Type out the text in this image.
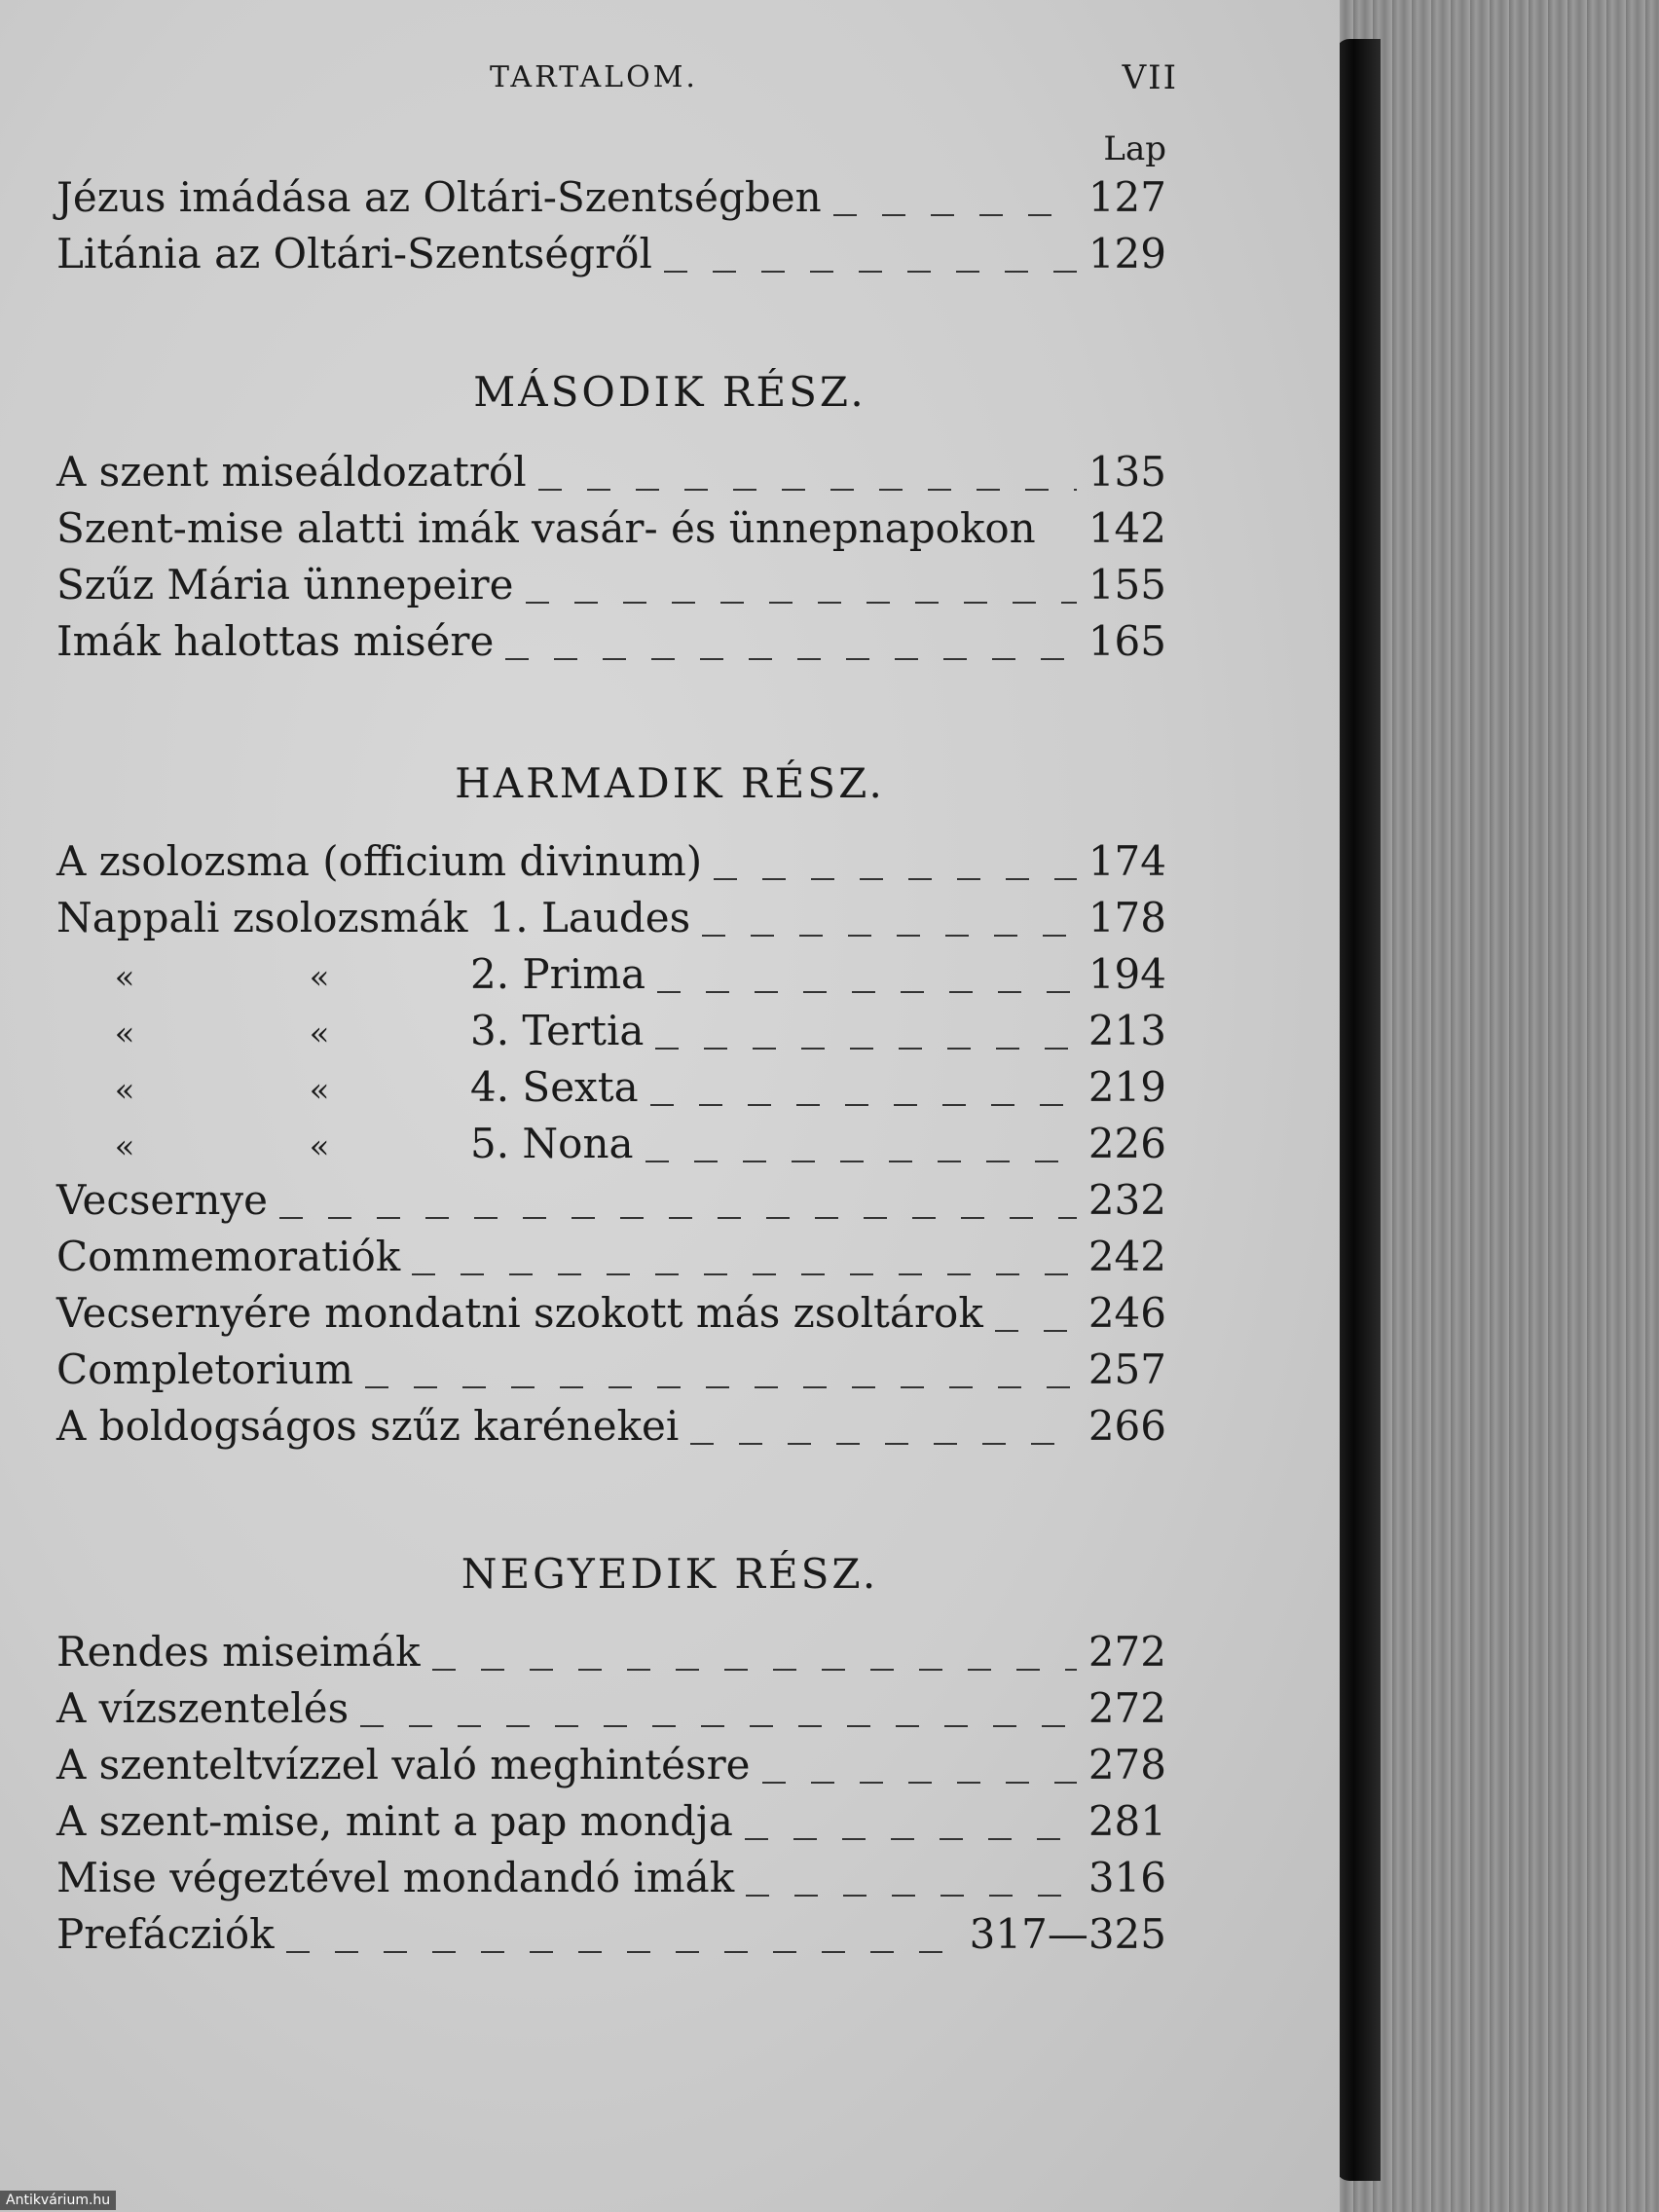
TARTALOM.	VII
Lap
Jézus imádása az Oltári-Szentségben	127
Litánia az Oltári-Szentségről	129
MÁSODIK RÉSZ.
A szent miseáldozatról	135
Szent-mise alatti imák vasár- és ünnepnapokon 142
Szűz Mária ünnepeire	155
Imák halottas misére	165
HARMADIK RÉSZ.
A zsolozsma (officium divinum)	174
Nappali zsolozsmák 1. Laudes	178
«	«	2. Prima	194
«	«	3. Tertia	213
«	«	4. Sexta	219
«	«	5. Nona	226
Vecsernye	232
Commemoratiók	242
Vecsernyére mondatni szokott más zsoltárok	246
Completorium	257
A boldogságos szűz karénekei	266
NEGYEDIK RÉSZ.
Rendes miseimák	272
A vízszentelés	272
A szenteltvízzel való meghintésre	278
A szent-mise, mint a pap mondja	281
Mise végeztével mondandó imák	316
Prefácziók	317—325
Antikvárium.hu
